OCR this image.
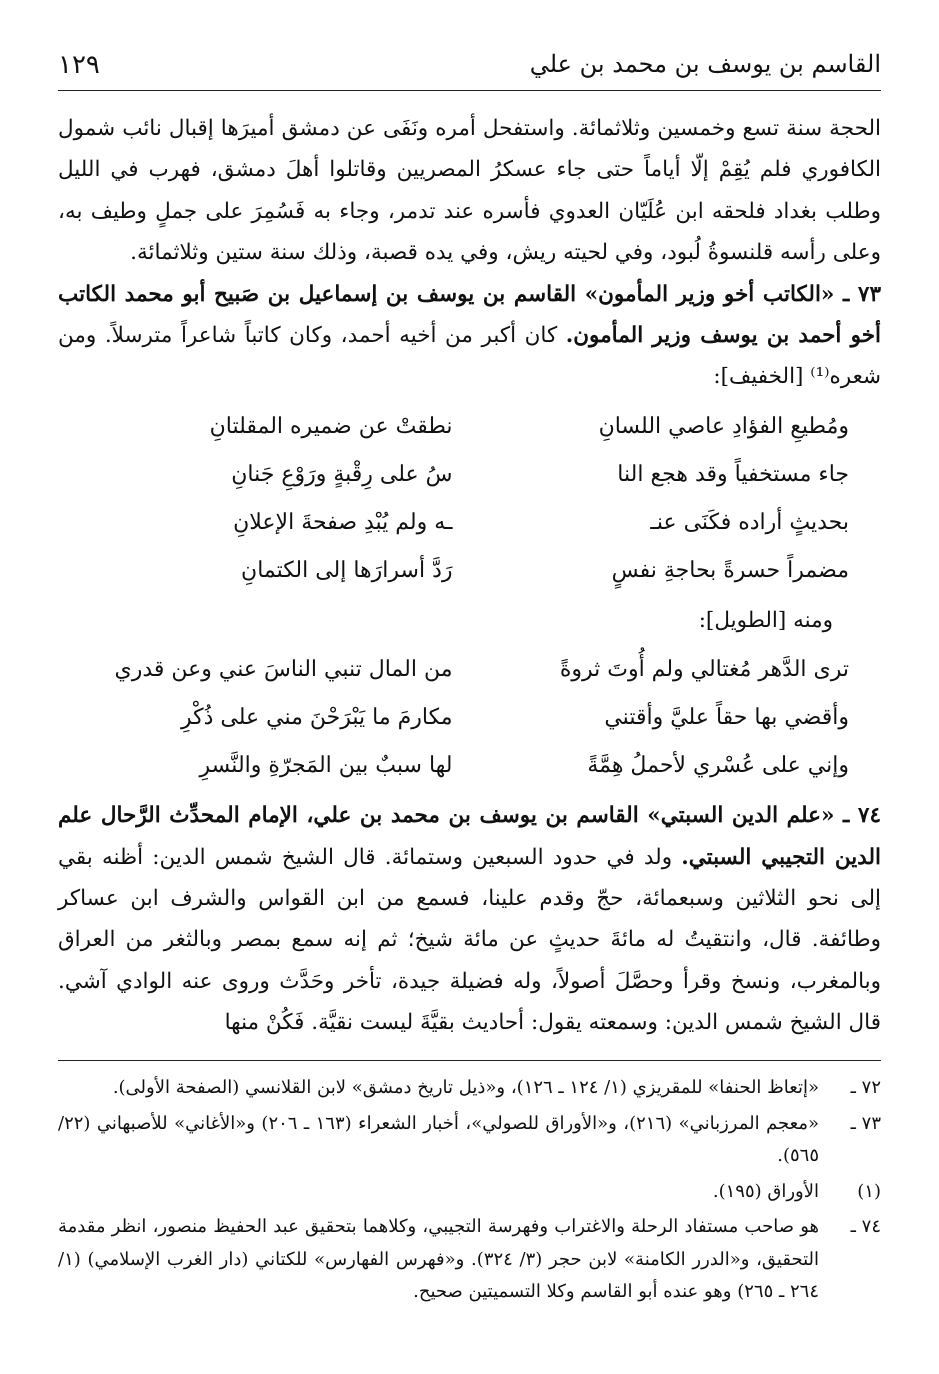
القاسم بن يوسف بن محمد بن علي
١٢٩

الحجة سنة تسع وخمسين وثلاثمائة. واستفحل أمره ونَفَى عن دمشق أميرَها إقبال نائب شمول الكافوري فلم يُقِمْ إلّا أياماً حتى جاء عسكرُ المصريين وقاتلوا أهلَ دمشق، فهرب في الليل وطلب بغداد فلحقه ابن عُلَيّان العدوي فأسره عند تدمر، وجاء به فَسُمِرَ على جملٍ وطيف به، وعلى رأسه قلنسوةُ لُبود، وفي لحيته ريش، وفي يده قصبة، وذلك سنة ستين وثلاثمائة.

٧٣ ـ «الكاتب أخو وزير المأمون» القاسم بن يوسف بن إسماعيل بن صَبيح أبو محمد الكاتب أخو أحمد بن يوسف وزير المأمون. كان أكبر من أخيه أحمد، وكان كاتباً شاعراً مترسلاً. ومن شعره⁽¹⁾ [الخفيف]:

ومُطيعِ الفؤادِ عاصي اللسانِ
نطقتْ عن ضميره المقلتانِ
جاء مستخفياً وقد هجع النا
سُ على رِقْبةٍ ورَوْعِ جَنانِ
بحديثٍ أراده فكَنَى عنـ
ـه ولم يُبْدِ صفحةَ الإعلانِ
مضمراً حسرةً بحاجةِ نفسٍ
رَدَّ أسرارَها إلى الكتمانِ

ومنه [الطويل]:

ترى الدَّهر مُغتالي ولم أُوتَ ثروةً
من المال تنبي الناسَ عني وعن قدري
وأقضي بها حقاً عليَّ وأقتني
مكارمَ ما يَبْرَحْنَ مني على ذُكْرِ
وإني على عُسْري لأحملُ هِمَّةً
لها سببٌ بين المَجرّةِ والنَّسرِ

٧٤ ـ «علم الدين السبتي» القاسم بن يوسف بن محمد بن علي، الإمام المحدِّث الرَّحال علم الدين التجيبي السبتي. ولد في حدود السبعين وستمائة. قال الشيخ شمس الدين: أظنه بقي إلى نحو الثلاثين وسبعمائة، حجّ وقدم علينا، فسمع من ابن القواس والشرف ابن عساكر وطائفة. قال، وانتقيتُ له مائةَ حديثٍ عن مائة شيخ؛ ثم إنه سمع بمصر وبالثغر من العراق وبالمغرب، ونسخ وقرأ وحصَّلَ أصولاً، وله فضيلة جيدة، تأخر وحَدَّث وروى عنه الوادي آشي. قال الشيخ شمس الدين: وسمعته يقول: أحاديث بقيَّةَ ليست نقيَّة. فَكُنْ منها

٧٢ ـ
«إتعاظ الحنفا» للمقريزي (١/ ١٢٤ ـ ١٢٦)، و«ذيل تاريخ دمشق» لابن القلانسي (الصفحة الأولى).
٧٣ ـ
«معجم المرزباني» (٢١٦)، و«الأوراق للصولي»، أخبار الشعراء (١٦٣ ـ ٢٠٦) و«الأغاني» للأصبهاني (٢٢/ ٥٦٥).
(١)
الأوراق (١٩٥).
٧٤ ـ
هو صاحب مستفاد الرحلة والاغتراب وفهرسة التجيبي، وكلاهما بتحقيق عبد الحفيظ منصور، انظر مقدمة التحقيق، و«الدرر الكامنة» لابن حجر (٣/ ٣٢٤). و«فهرس الفهارس» للكتاني (دار الغرب الإسلامي) (١/ ٢٦٤ ـ ٢٦٥) وهو عنده أبو القاسم وكلا التسميتين صحيح.
